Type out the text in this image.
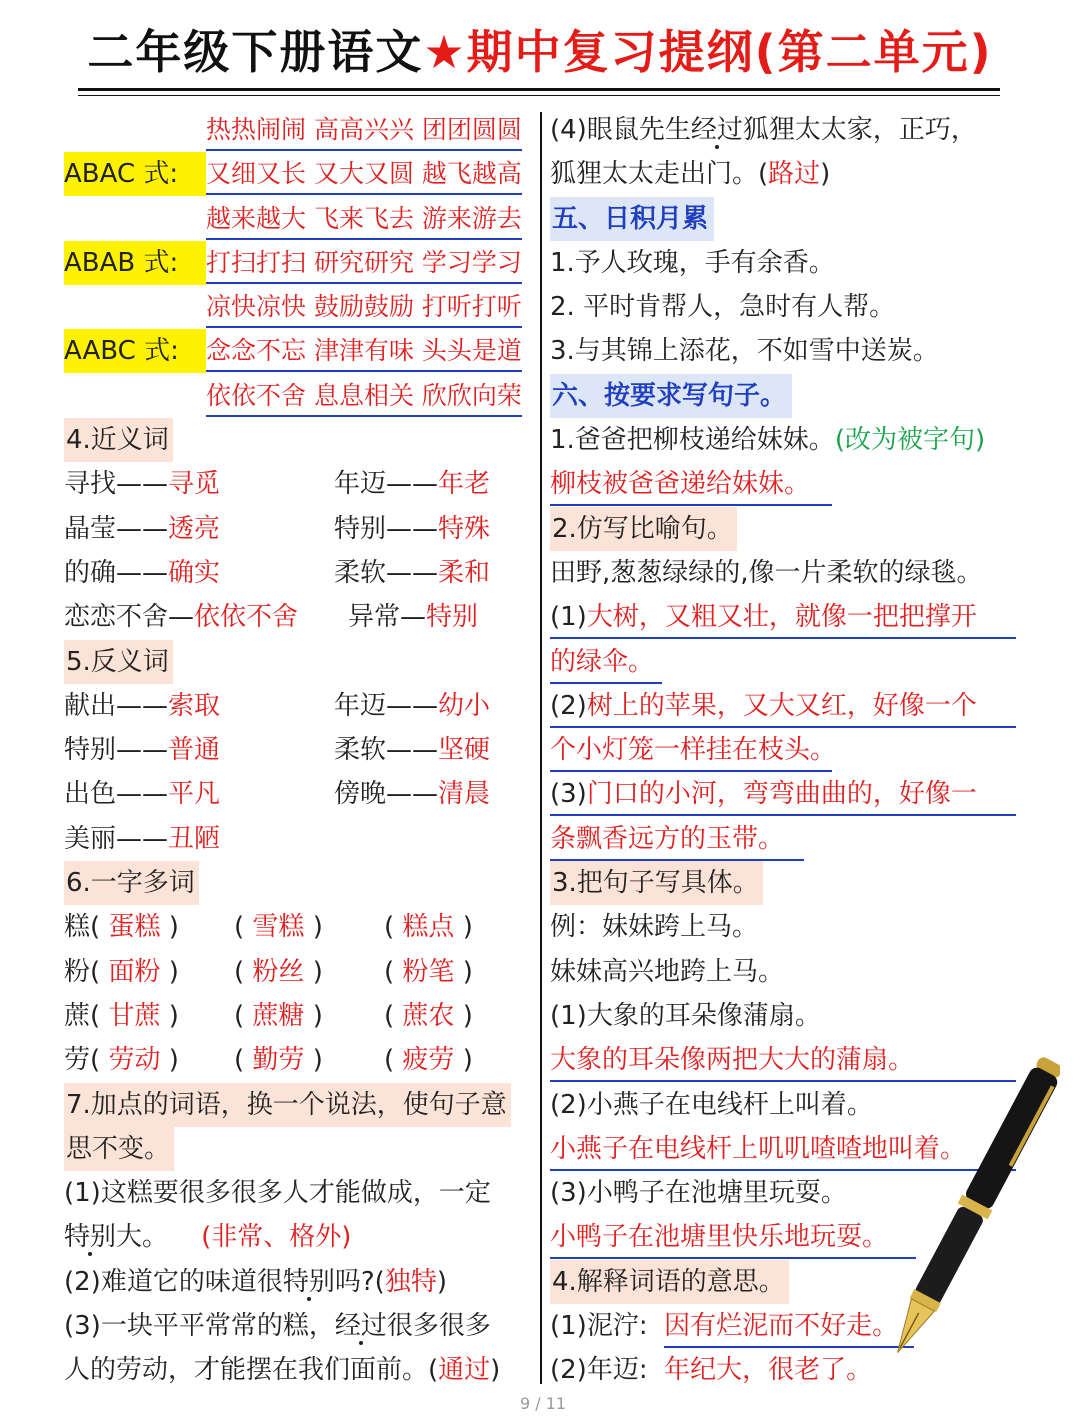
二年级下册语文★期中复习提纲(第二单元)
热热闹闹 高高兴兴 团团圆圆
ABAC 式: 又细又长 又大又圆 越飞越高
越来越大 飞来飞去 游来游去
ABAB 式: 打扫打扫 研究研究 学习学习
凉快凉快 鼓励鼓励 打听打听
AABC 式: 念念不忘 津津有味 头头是道
依依不舍 息息相关 欣欣向荣
4.近义词
寻找——寻觅	年迈——年老
晶莹——透亮	特别——特殊
的确——确实	柔软——柔和
恋恋不舍—依依不舍 异常—特别
5.反义词
献出——索取	年迈——幼小
特别——普通	柔软——坚硬
出色——平凡	傍晚——清晨
美丽——丑陋
6.一字多词
糕( 蛋糕 ) ( 雪糕 ) ( 糕点 )
粉( 面粉 ) ( 粉丝 ) ( 粉笔 )
蔗( 甘蔗 ) ( 蔗糖 ) ( 蔗农 )
劳( 劳动 ) ( 勤劳 ) ( 疲劳 )
7.加点的词语，换一个说法，使句子意
思不变。
(1)这糕要很多很多人才能做成，一定
特别大。 (非常、格外)
(2)难道它的味道很特别吗?(独特)
(3)一块平平常常的糕，经过很多很多
人的劳动，才能摆在我们面前。(通过)
(4)眼鼠先生经过狐狸太太家，正巧，
狐狸太太走出门。(路过)
五、日积月累
1.予人玫瑰，手有余香。
2. 平时肯帮人，急时有人帮。
3.与其锦上添花，不如雪中送炭。
六、按要求写句子。
1.爸爸把柳枝递给妹妹。(改为被字句)
柳枝被爸爸递给妹妹。
2.仿写比喻句。
田野,葱葱绿绿的,像一片柔软的绿毯。
(1)大树，又粗又壮，就像一把把撑开
的绿伞。
(2)树上的苹果，又大又红，好像一个
个小灯笼一样挂在枝头。
(3)门口的小河，弯弯曲曲的，好像一
条飘香远方的玉带。
3.把句子写具体。
例：妹妹跨上马。
妹妹高兴地跨上马。
(1)大象的耳朵像蒲扇。
大象的耳朵像两把大大的蒲扇。
(2)小燕子在电线杆上叫着。
小燕子在电线杆上叽叽喳喳地叫着。
(3)小鸭子在池塘里玩耍。
小鸭子在池塘里快乐地玩耍。
4.解释词语的意思。
(1)泥泞: 因有烂泥而不好走。
(2)年迈: 年纪大，很老了。
9 / 11
